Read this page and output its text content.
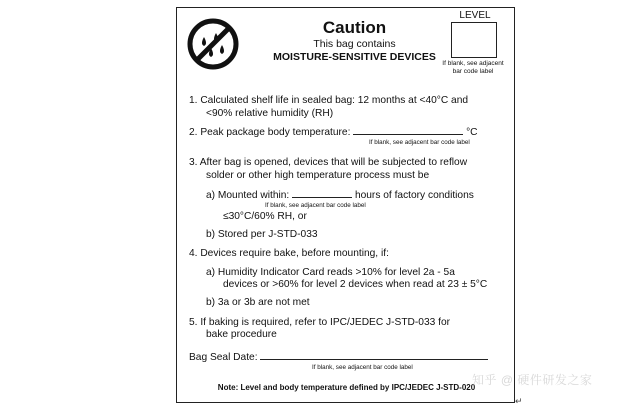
Caution
This bag contains
MOISTURE-SENSITIVE DEVICES
LEVEL
If blank, see adjacent
bar code label
1. Calculated shelf life in sealed bag: 12 months at <40°C and
<90% relative humidity (RH)
2. Peak package body temperature:	°C
If blank, see adjacent bar code label
3. After bag is opened, devices that will be subjected to reflow
solder or other high temperature process must be
a) Mounted within:	hours of factory conditions
If blank, see adjacent bar code label
≤30°C/60% RH, or
b) Stored per J-STD-033
4. Devices require bake, before mounting, if:
a) Humidity Indicator Card reads >10% for level 2a - 5a
devices or >60% for level 2 devices when read at 23 ± 5°C
b) 3a or 3b are not met
5. If baking is required, refer to IPC/JEDEC J-STD-033 for
bake procedure
Bag Seal Date:
If blank, see adjacent bar code label
Note: Level and body temperature defined by IPC/JEDEC J-STD-020
知乎 @ 硬件研发之家
↵
